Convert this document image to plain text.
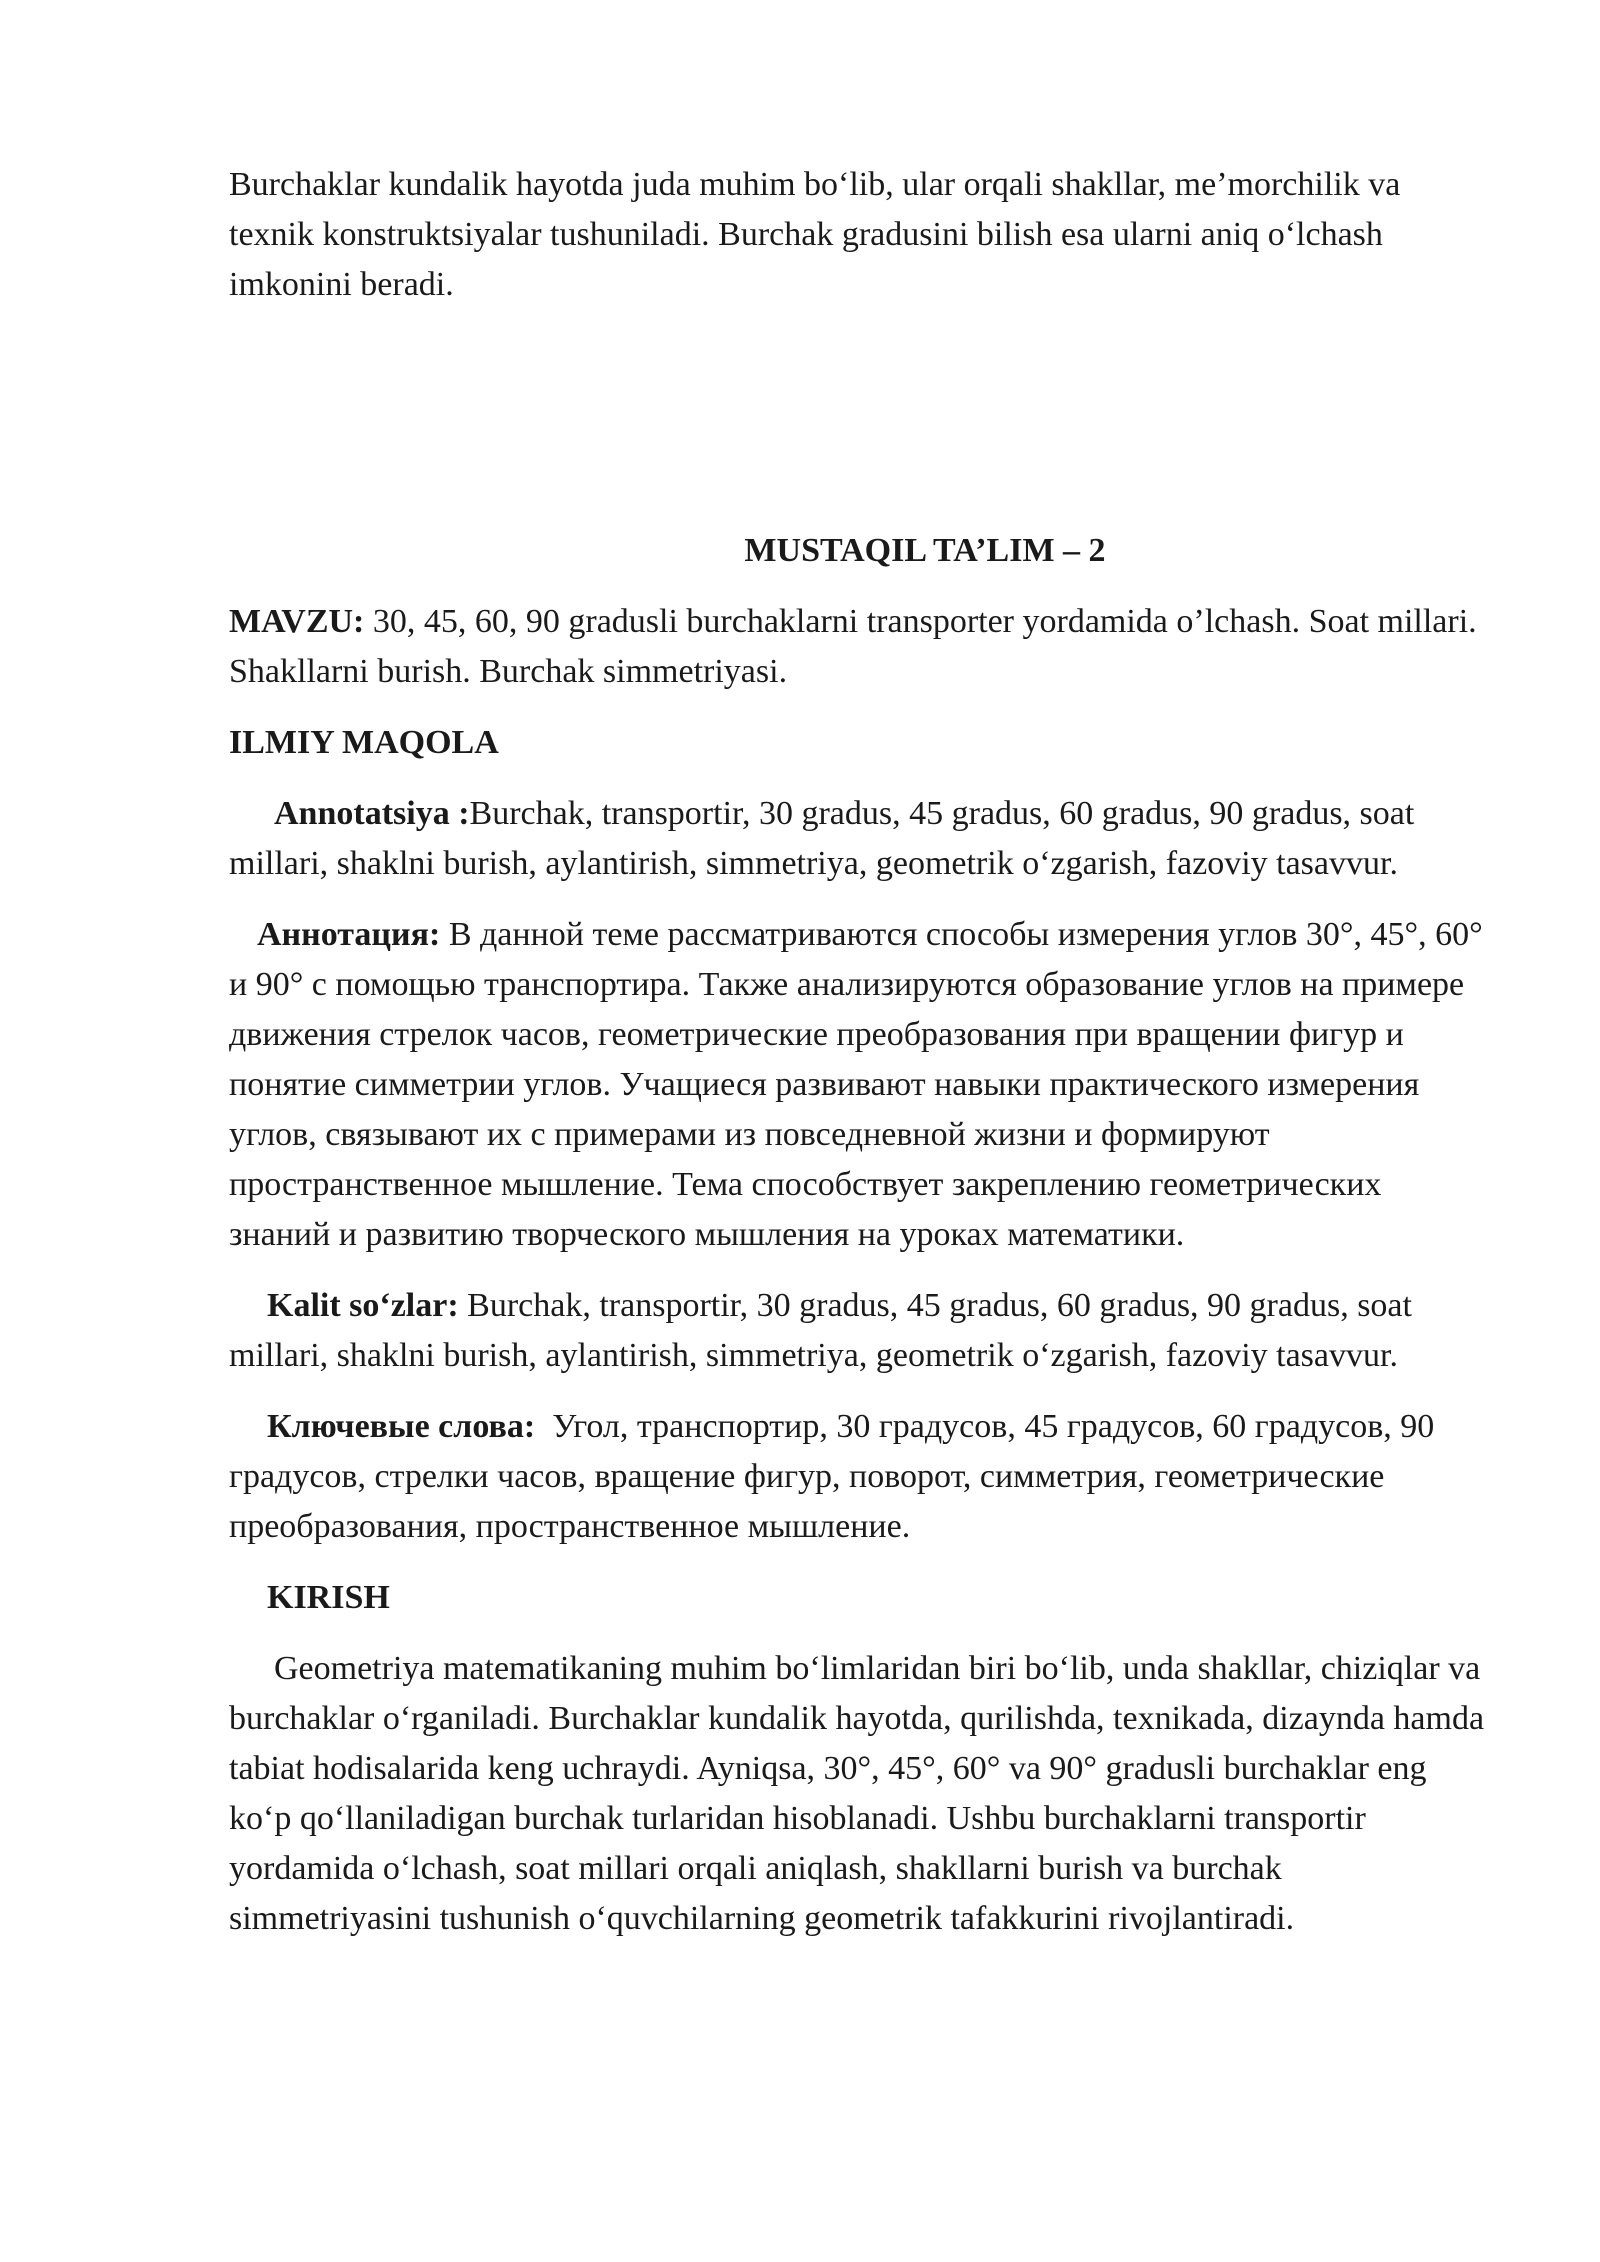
Burchaklar kundalik hayotda juda muhim bo‘lib, ular orqali shakllar, me’morchilik va texnik konstruktsiyalar tushuniladi. Burchak gradusini bilish esa ularni aniq o‘lchash imkonini beradi.

MUSTAQIL TA’LIM – 2

MAVZU: 30, 45, 60, 90 gradusli burchaklarni transporter yordamida o’lchash. Soat millari. Shakllarni burish. Burchak simmetriyasi.

ILMIY MAQOLA

Annotatsiya :Burchak, transportir, 30 gradus, 45 gradus, 60 gradus, 90 gradus, soat millari, shaklni burish, aylantirish, simmetriya, geometrik o‘zgarish, fazoviy tasavvur.

Аннотация: В данной теме рассматриваются способы измерения углов 30°, 45°, 60° и 90° с помощью транспортира. Также анализируются образование углов на примере движения стрелок часов, геометрические преобразования при вращении фигур и понятие симметрии углов. Учащиеся развивают навыки практического измерения углов, связывают их с примерами из повседневной жизни и формируют пространственное мышление. Тема способствует закреплению геометрических знаний и развитию творческого мышления на уроках математики.

Kalit so‘zlar: Burchak, transportir, 30 gradus, 45 gradus, 60 gradus, 90 gradus, soat millari, shaklni burish, aylantirish, simmetriya, geometrik o‘zgarish, fazoviy tasavvur.

Ключевые слова:  Угол, транспортир, 30 градусов, 45 градусов, 60 градусов, 90 градусов, стрелки часов, вращение фигур, поворот, симметрия, геометрические преобразования, пространственное мышление.

KIRISH

Geometriya matematikaning muhim bo‘limlaridan biri bo‘lib, unda shakllar, chiziqlar va burchaklar o‘rganiladi. Burchaklar kundalik hayotda, qurilishda, texnikada, dizaynda hamda tabiat hodisalarida keng uchraydi. Ayniqsa, 30°, 45°, 60° va 90° gradusli burchaklar eng ko‘p qo‘llaniladigan burchak turlaridan hisoblanadi. Ushbu burchaklarni transportir yordamida o‘lchash, soat millari orqali aniqlash, shakllarni burish va burchak simmetriyasini tushunish o‘quvchilarning geometrik tafakkurini rivojlantiradi.
